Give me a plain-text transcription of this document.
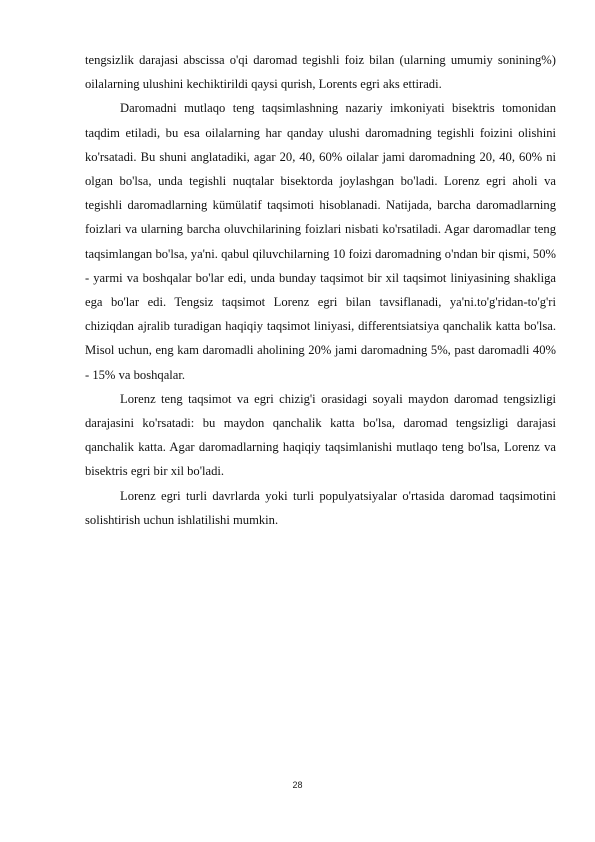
tengsizlik darajasi abscissa o'qi daromad tegishli foiz bilan (ularning umumiy sonining%) oilalarning ulushini kechiktirildi qaysi qurish, Lorents egri aks ettiradi.

Daromadni mutlaqo teng taqsimlashning nazariy imkoniyati bisektris tomonidan taqdim etiladi, bu esa oilalarning har qanday ulushi daromadning tegishli foizini olishini ko'rsatadi. Bu shuni anglatadiki, agar 20, 40, 60% oilalar jami daromadning 20, 40, 60% ni olgan bo'lsa, unda tegishli nuqtalar bisektorda joylashgan bo'ladi. Lorenz egri aholi va tegishli daromadlarning kümülatif taqsimoti hisoblanadi. Natijada, barcha daromadlarning foizlari va ularning barcha oluvchilarining foizlari nisbati ko'rsatiladi. Agar daromadlar teng taqsimlangan bo'lsa, ya'ni. qabul qiluvchilarning 10 foizi daromadning o'ndan bir qismi, 50% - yarmi va boshqalar bo'lar edi, unda bunday taqsimot bir xil taqsimot liniyasining shakliga ega bo'lar edi. Tengsiz taqsimot Lorenz egri bilan tavsiflanadi, ya'ni.to'g'ridan-to'g'ri chiziqdan ajralib turadigan haqiqiy taqsimot liniyasi, differentsiatsiya qanchalik katta bo'lsa. Misol uchun, eng kam daromadli aholining 20% jami daromadning 5%, past daromadli 40% - 15% va boshqalar.

Lorenz teng taqsimot va egri chizig'i orasidagi soyali maydon daromad tengsizligi darajasini ko'rsatadi: bu maydon qanchalik katta bo'lsa, daromad tengsizligi darajasi qanchalik katta. Agar daromadlarning haqiqiy taqsimlanishi mutlaqo teng bo'lsa, Lorenz va bisektris egri bir xil bo'ladi.

Lorenz egri turli davrlarda yoki turli populyatsiyalar o'rtasida daromad taqsimotini solishtirish uchun ishlatilishi mumkin.

28
